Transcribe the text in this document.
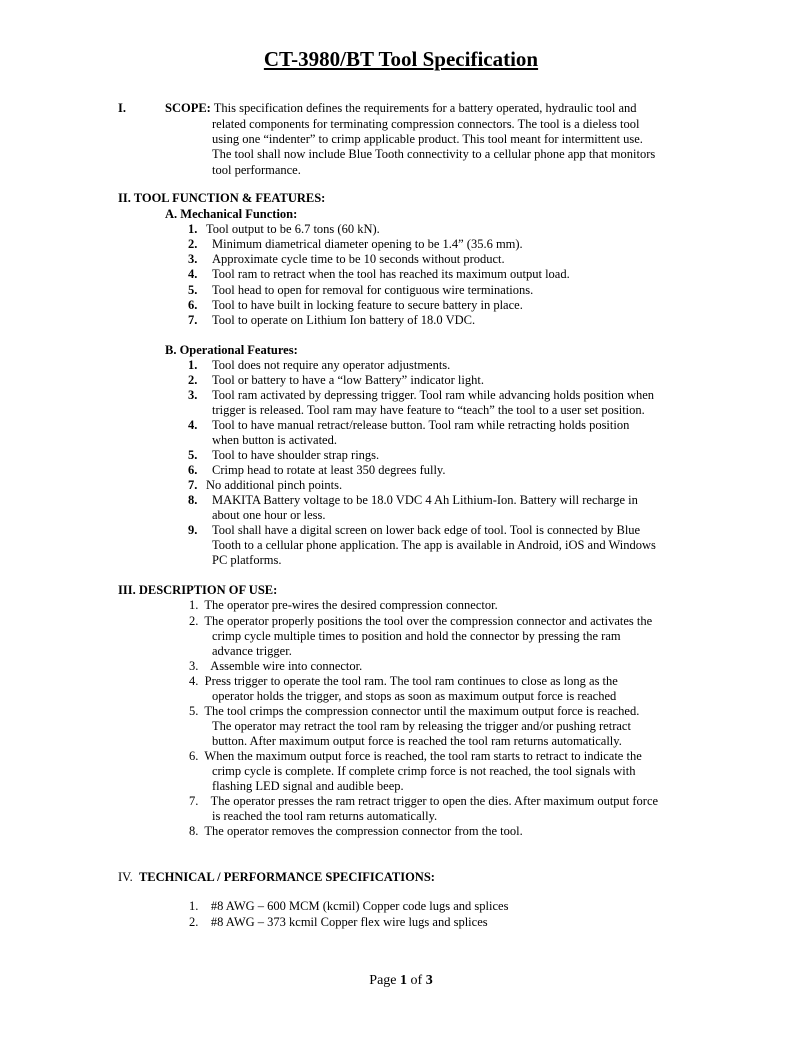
CT-3980/BT Tool Specification
I.	SCOPE: This specification defines the requirements for a battery operated, hydraulic tool and
related components for terminating compression connectors. The tool is a dieless tool
using one “indenter” to crimp applicable product. This tool meant for intermittent use.
The tool shall now include Blue Tooth connectivity to a cellular phone app that monitors
tool performance.
II. TOOL FUNCTION & FEATURES:
A. Mechanical Function:
1. Tool output to be 6.7 tons (60 kN).
2. Minimum diametrical diameter opening to be 1.4” (35.6 mm).
3. Approximate cycle time to be 10 seconds without product.
4. Tool ram to retract when the tool has reached its maximum output load.
5. Tool head to open for removal for contiguous wire terminations.
6. Tool to have built in locking feature to secure battery in place.
7. Tool to operate on Lithium Ion battery of 18.0 VDC.
B. Operational Features:
1. Tool does not require any operator adjustments.
2. Tool or battery to have a “low Battery” indicator light.
3. Tool ram activated by depressing trigger. Tool ram while advancing holds position when
trigger is released. Tool ram may have feature to “teach” the tool to a user set position.
4. Tool to have manual retract/release button. Tool ram while retracting holds position
when button is activated.
5. Tool to have shoulder strap rings.
6. Crimp head to rotate at least 350 degrees fully.
7. No additional pinch points.
8. MAKITA Battery voltage to be 18.0 VDC 4 Ah Lithium-Ion. Battery will recharge in
about one hour or less.
9. Tool shall have a digital screen on lower back edge of tool. Tool is connected by Blue
Tooth to a cellular phone application. The app is available in Android, iOS and Windows
PC platforms.
III. DESCRIPTION OF USE:
1. The operator pre-wires the desired compression connector.
2. The operator properly positions the tool over the compression connector and activates the
crimp cycle multiple times to position and hold the connector by pressing the ram
advance trigger.
3. Assemble wire into connector.
4. Press trigger to operate the tool ram. The tool ram continues to close as long as the
operator holds the trigger, and stops as soon as maximum output force is reached
5. The tool crimps the compression connector until the maximum output force is reached.
The operator may retract the tool ram by releasing the trigger and/or pushing retract
button. After maximum output force is reached the tool ram returns automatically.
6. When the maximum output force is reached, the tool ram starts to retract to indicate the
crimp cycle is complete. If complete crimp force is not reached, the tool signals with
flashing LED signal and audible beep.
7. The operator presses the ram retract trigger to open the dies. After maximum output force
is reached the tool ram returns automatically.
8. The operator removes the compression connector from the tool.
IV. TECHNICAL / PERFORMANCE SPECIFICATIONS:
1. #8 AWG – 600 MCM (kcmil) Copper code lugs and splices
2. #8 AWG – 373 kcmil Copper flex wire lugs and splices
Page 1 of 3
